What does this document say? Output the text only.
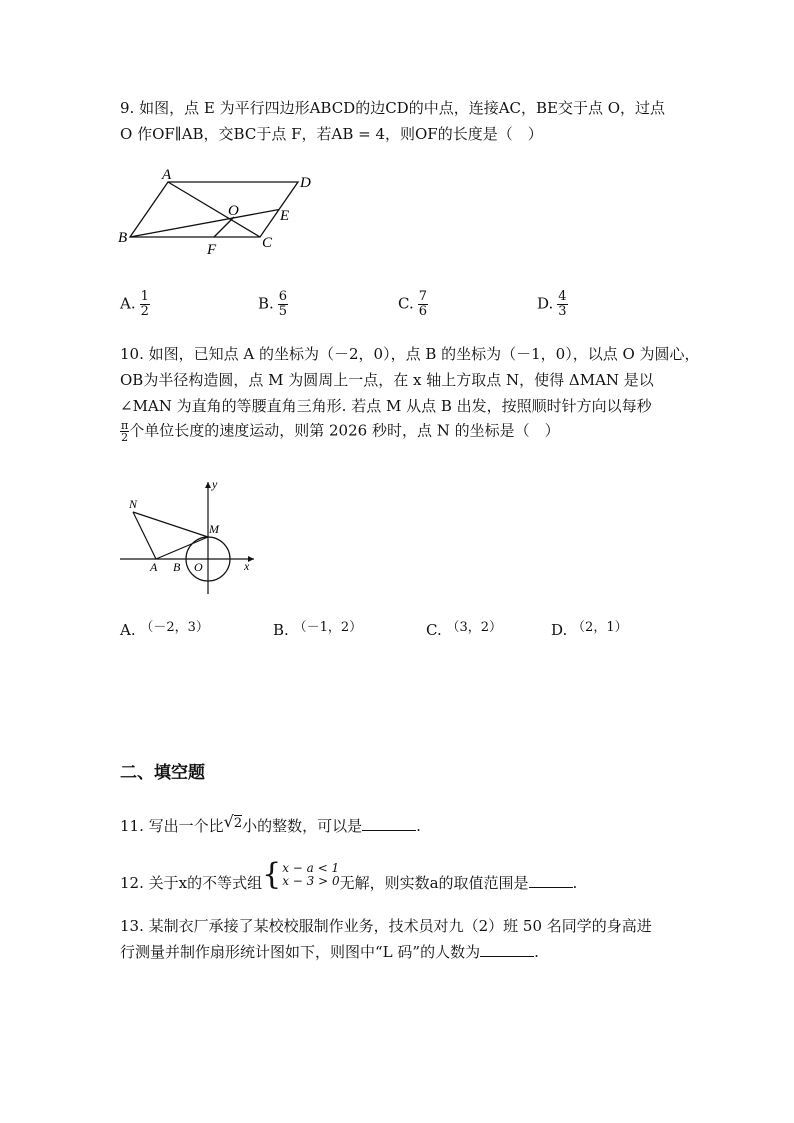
9. 如图，点 E 为平行四边形ABCD的边CD的中点，连接AC，BE交于点 O，过点
O 作OF∥AB，交BC于点 F，若AB = 4，则OF的长度是（　）
A	D
B	C
E
O
F
A. $\frac{1}{2}$	B. $\frac{6}{5}$	C. $\frac{7}{6}$	D. $\frac{4}{3}$
10. 如图，已知点 A 的坐标为（－2，0），点 B 的坐标为（－1，0），以点 O 为圆心，
OB为半径构造圆，点 M 为圆周上一点，在 x 轴上方取点 N，使得 ΔMAN 是以
∠MAN 为直角的等腰直角三角形. 若点 M 从点 B 出发，按照顺时针方向以每秒
$\frac{\pi}{2}$ 个单位长度的速度运动，则第 2026 秒时，点 N 的坐标是（　）
N
M
A B O	x
y
A. （－2，3）	B. （－1，2）	C. （3，2）	D. （2，1）
二、填空题
11. 写出一个比√2小的整数，可以是	.
12. 关于x的不等式组 { x − a < 1
x − 3 > 0 无解，则实数a的取值范围是	.
13. 某制衣厂承接了某校校服制作业务，技术员对九（2）班 50 名同学的身高进
行测量并制作扇形统计图如下，则图中“L 码”的人数为	.
